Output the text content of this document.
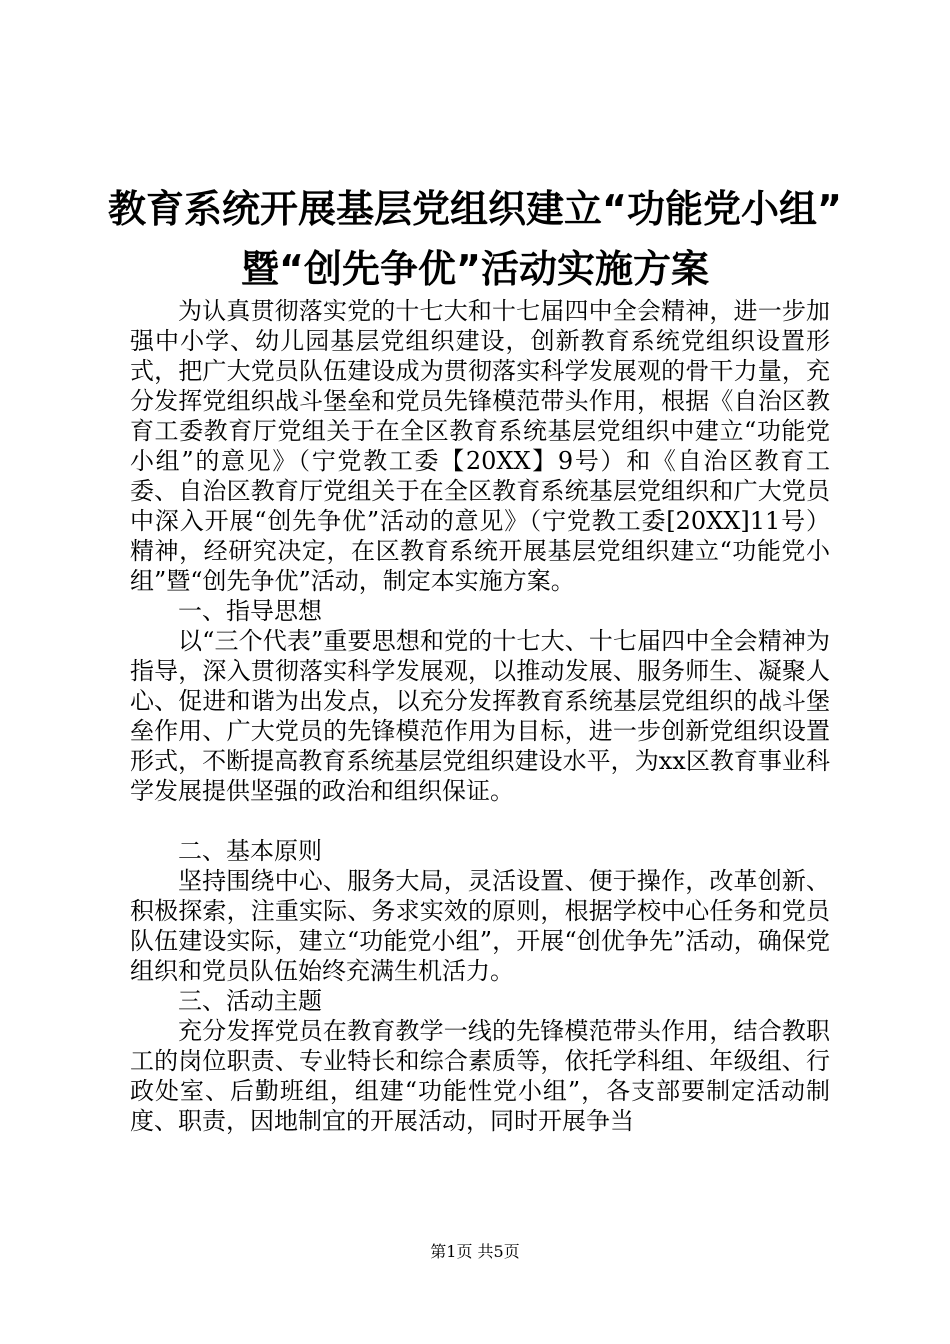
教育系统开展基层党组织建立“功能党小组”
暨“创先争优”活动实施方案

为认真贯彻落实党的十七大和十七届四中全会精神，进一步加强中小学、幼儿园基层党组织建设，创新教育系统党组织设置形式，把广大党员队伍建设成为贯彻落实科学发展观的骨干力量，充分发挥党组织战斗堡垒和党员先锋模范带头作用，根据《自治区教育工委教育厅党组关于在全区教育系统基层党组织中建立“功能党小组”的意见》（宁党教工委【20XX】9号）和《自治区教育工委、自治区教育厅党组关于在全区教育系统基层党组织和广大党员中深入开展“创先争优”活动的意见》（宁党教工委[20XX]11号）精神，经研究决定，在区教育系统开展基层党组织建立“功能党小组”暨“创先争优”活动，制定本实施方案。

一、指导思想

以“三个代表”重要思想和党的十七大、十七届四中全会精神为指导，深入贯彻落实科学发展观，以推动发展、服务师生、凝聚人心、促进和谐为出发点，以充分发挥教育系统基层党组织的战斗堡垒作用、广大党员的先锋模范作用为目标，进一步创新党组织设置形式，不断提高教育系统基层党组织建设水平，为xx区教育事业科学发展提供坚强的政治和组织保证。

二、基本原则

坚持围绕中心、服务大局，灵活设置、便于操作，改革创新、积极探索，注重实际、务求实效的原则，根据学校中心任务和党员队伍建设实际，建立“功能党小组”，开展“创优争先”活动，确保党组织和党员队伍始终充满生机活力。

三、活动主题

充分发挥党员在教育教学一线的先锋模范带头作用，结合教职工的岗位职责、专业特长和综合素质等，依托学科组、年级组、行政处室、后勤班组，组建“功能性党小组”，各支部要制定活动制度、职责，因地制宜的开展活动，同时开展争当

第1页 共5页
